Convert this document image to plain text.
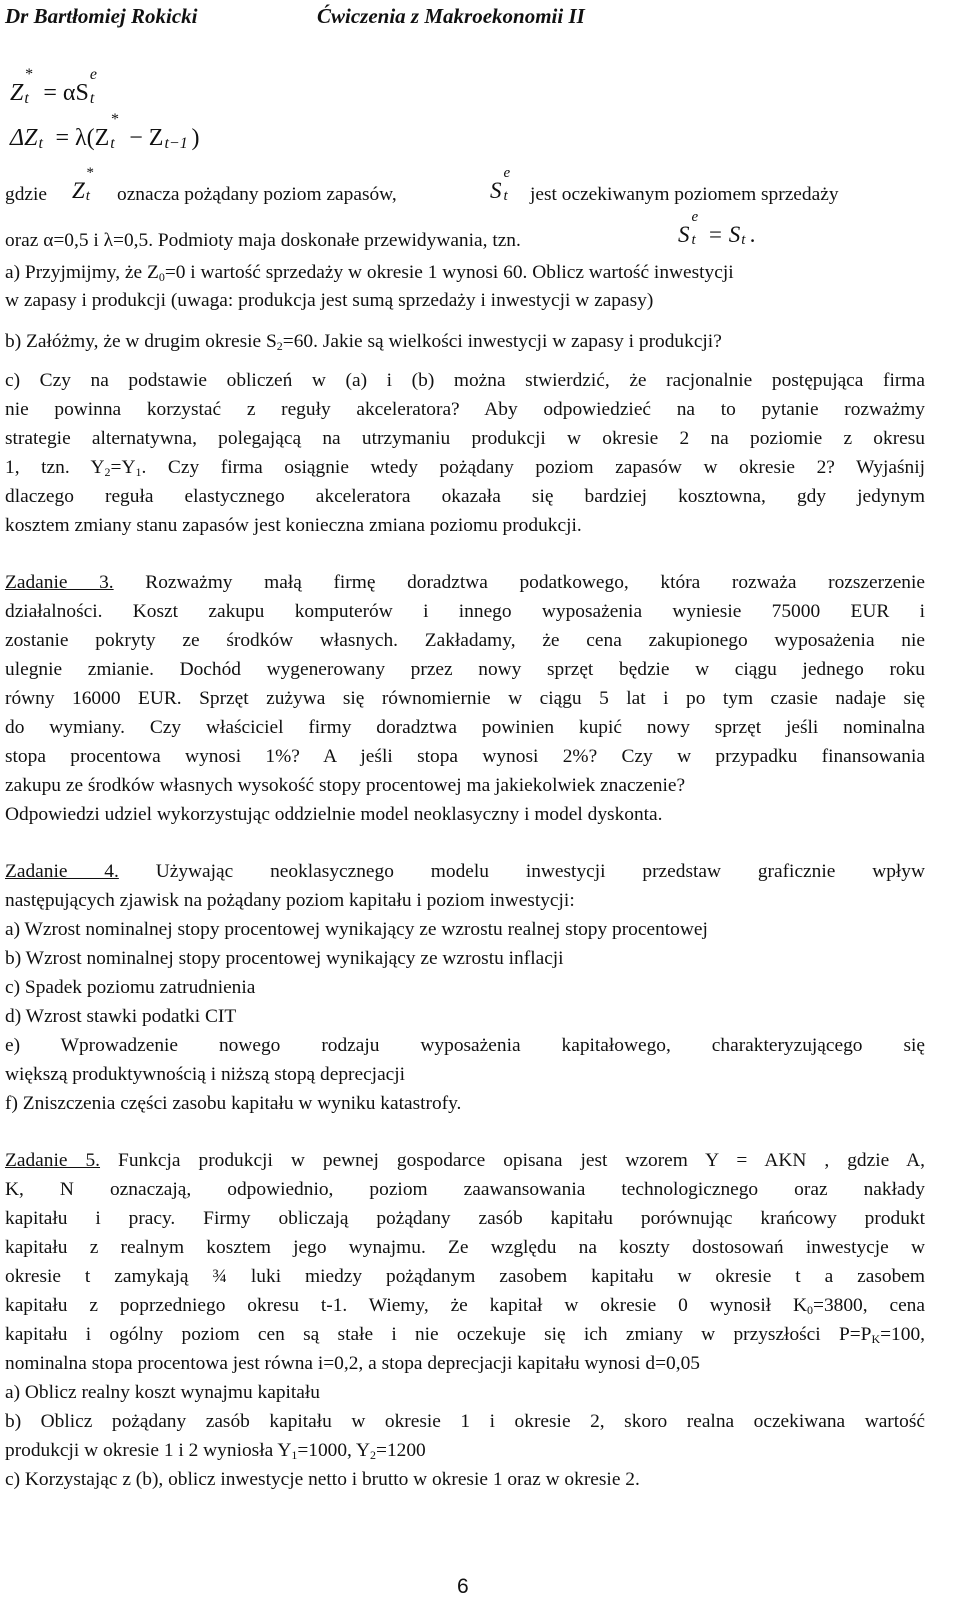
Dr Bartłomiej Rokicki	Ćwiczenia z Makroekonomii II
Z
*
t = αS
e
t
ΔZ t = λ(Z
*
t − Z t−1 )
gdzie	Z
*
t oznacza pożądany poziom zapasów,	S
e
t jest oczekiwanym poziomem sprzedaży
oraz α=0,5 i λ=0,5. Podmioty maja doskonałe przewidywania, tzn.	S
e
t = S t .

a) Przyjmijmy, że $Z_0=0$ i wartość sprzedaży w okresie 1 wynosi 60. Oblicz wartość inwestycji

w zapasy i produkcji (uwaga: produkcja jest sumą sprzedaży i inwestycji w zapasy)

b) Załóżmy, że w drugim okresie $S_2=60$. Jakie są wielkości inwestycji w zapasy i produkcji?

c) Czy na podstawie obliczeń w (a) i (b) można stwierdzić, że racjonalnie postępująca firma

nie powinna korzystać z reguły akceleratora? Aby odpowiedzieć na to pytanie rozważmy

strategie alternatywna, polegającą na utrzymaniu produkcji w okresie 2 na poziomie z okresu

1, tzn. $Y_2=Y_1$. Czy firma osiągnie wtedy pożądany poziom zapasów w okresie 2? Wyjaśnij

dlaczego reguła elastycznego akceleratora okazała się bardziej kosztowna, gdy jedynym

kosztem zmiany stanu zapasów jest konieczna zmiana poziomu produkcji.

Zadanie 3. Rozważmy małą firmę doradztwa podatkowego, która rozważa rozszerzenie

działalności. Koszt zakupu komputerów i innego wyposażenia wyniesie 75000 EUR i

zostanie pokryty ze środków własnych. Zakładamy, że cena zakupionego wyposażenia nie

ulegnie zmianie. Dochód wygenerowany przez nowy sprzęt będzie w ciągu jednego roku

równy 16000 EUR. Sprzęt zużywa się równomiernie w ciągu 5 lat i po tym czasie nadaje się

do wymiany. Czy właściciel firmy doradztwa powinien kupić nowy sprzęt jeśli nominalna

stopa procentowa wynosi 1%? A jeśli stopa wynosi 2%? Czy w przypadku finansowania

zakupu ze środków własnych wysokość stopy procentowej ma jakiekolwiek znaczenie?

Odpowiedzi udziel wykorzystując oddzielnie model neoklasyczny i model dyskonta.

Zadanie 4. Używając neoklasycznego modelu inwestycji przedstaw graficznie wpływ

następujących zjawisk na pożądany poziom kapitału i poziom inwestycji:

a) Wzrost nominalnej stopy procentowej wynikający ze wzrostu realnej stopy procentowej

b) Wzrost nominalnej stopy procentowej wynikający ze wzrostu inflacji

c) Spadek poziomu zatrudnienia

d) Wzrost stawki podatki CIT

e) Wprowadzenie nowego rodzaju wyposażenia kapitałowego, charakteryzującego się

większą produktywnością i niższą stopą deprecjacji

f) Zniszczenia części zasobu kapitału w wyniku katastrofy.

Zadanie 5. Funkcja produkcji w pewnej gospodarce opisana jest wzorem Y = AKN , gdzie A,

K, N oznaczają, odpowiednio, poziom zaawansowania technologicznego oraz nakłady

kapitału i pracy. Firmy obliczają pożądany zasób kapitału porównując krańcowy produkt

kapitału z realnym kosztem jego wynajmu. Ze względu na koszty dostosowań inwestycje w

okresie t zamykają ¾ luki miedzy pożądanym zasobem kapitału w okresie t a zasobem

kapitału z poprzedniego okresu t-1. Wiemy, że kapitał w okresie 0 wynosił $K_0=3800$, cena

kapitału i ogólny poziom cen są stałe i nie oczekuje się ich zmiany w przyszłości $P=P_K=100$,

nominalna stopa procentowa jest równa i=0,2, a stopa deprecjacji kapitału wynosi d=0,05

a) Oblicz realny koszt wynajmu kapitału

b) Oblicz pożądany zasób kapitału w okresie 1 i okresie 2, skoro realna oczekiwana wartość

produkcji w okresie 1 i 2 wyniosła $Y_1=1000$, $Y_2=1200$

c) Korzystając z (b), oblicz inwestycje netto i brutto w okresie 1 oraz w okresie 2.

6
